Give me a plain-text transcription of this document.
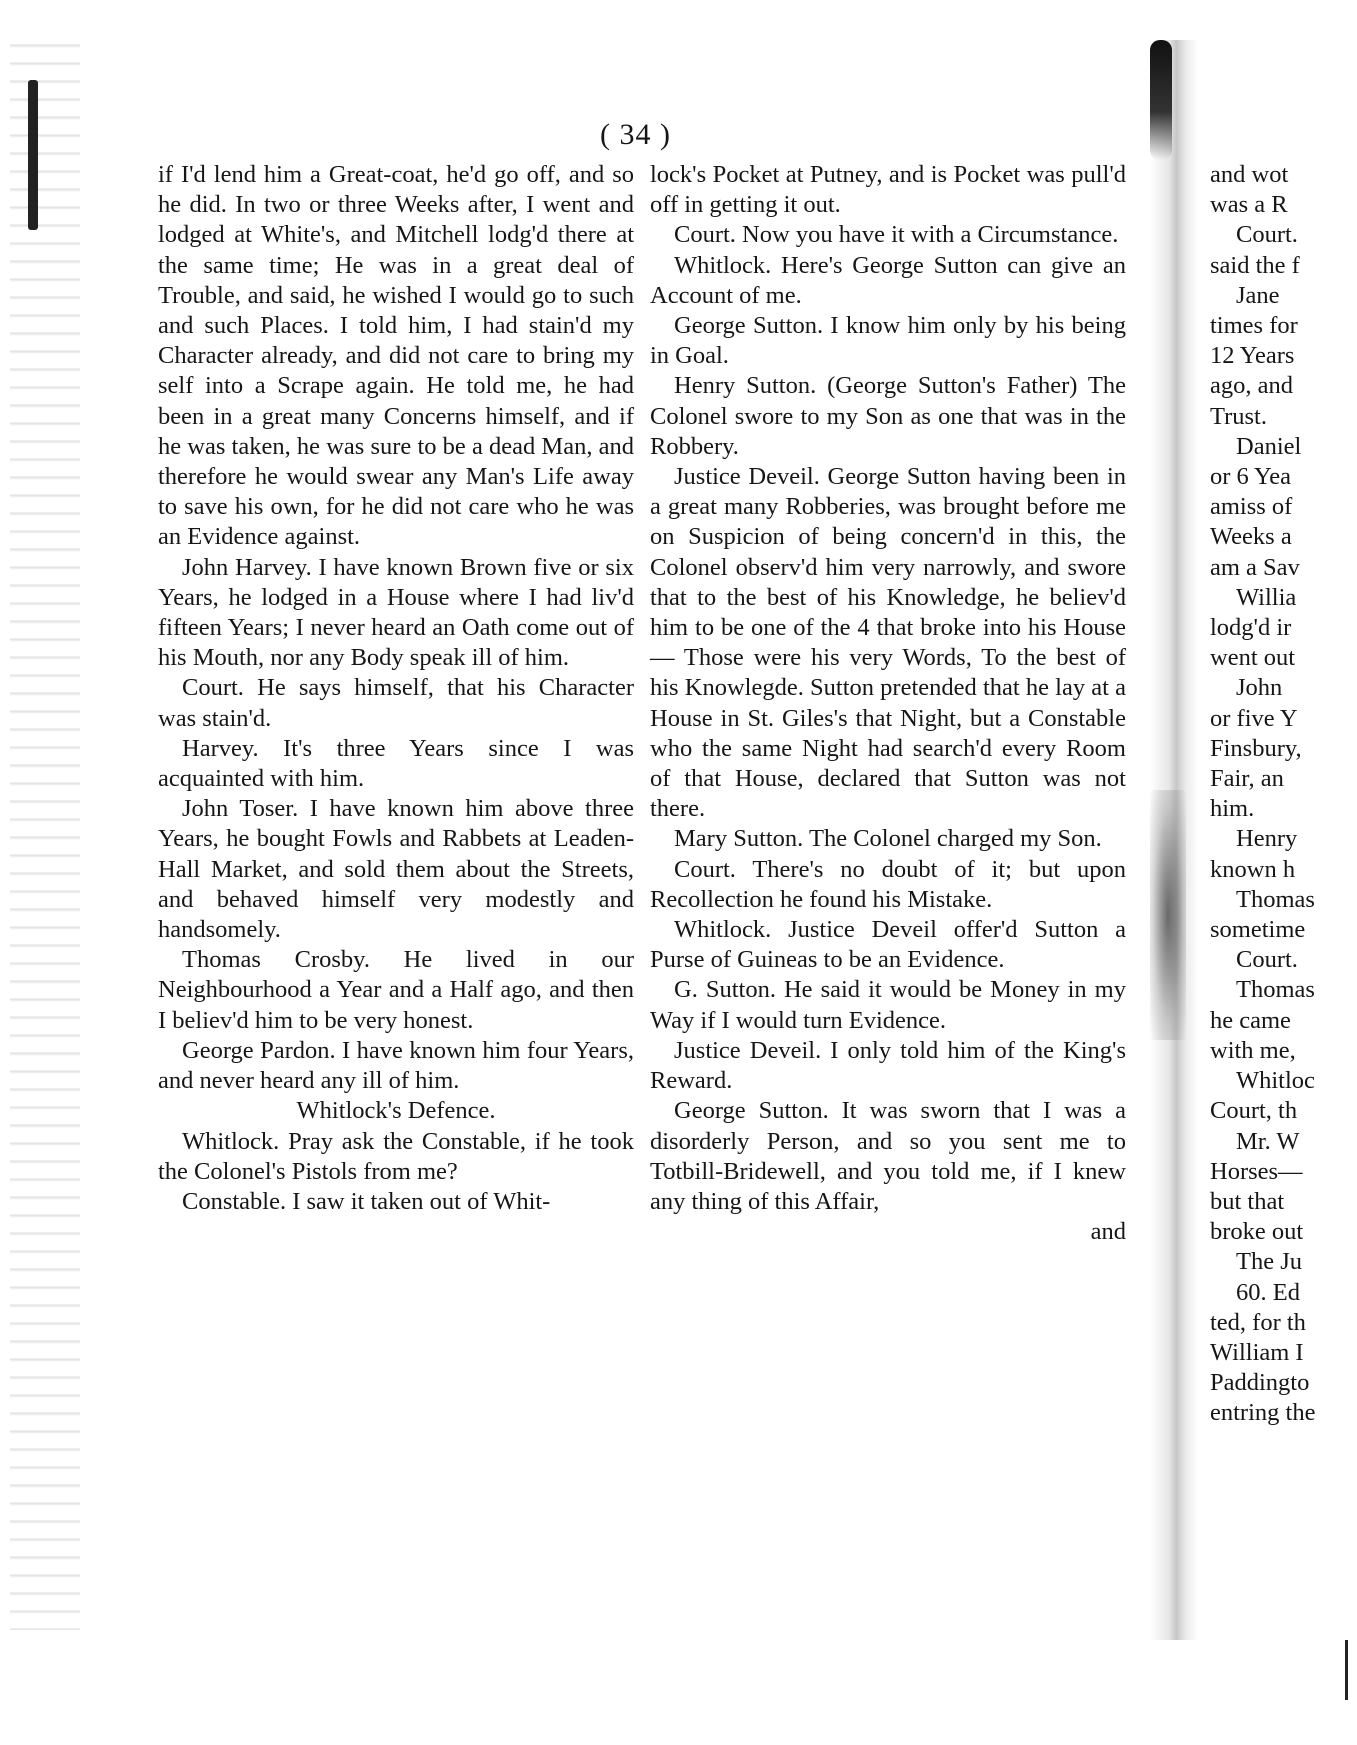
( 34 )

if I'd lend him a Great-coat, he'd go off, and so he did. In two or three Weeks after, I went and lodged at White's, and Mitchell lodg'd there at the same time; He was in a great deal of Trouble, and said, he wished I would go to such and such Places. I told him, I had stain'd my Character already, and did not care to bring my self into a Scrape again. He told me, he had been in a great many Concerns himself, and if he was taken, he was sure to be a dead Man, and therefore he would swear any Man's Life away to save his own, for he did not care who he was an Evidence against.

John Harvey. I have known Brown five or six Years, he lodged in a House where I had liv'd fifteen Years; I never heard an Oath come out of his Mouth, nor any Body speak ill of him.

Court. He says himself, that his Character was stain'd.

Harvey. It's three Years since I was acquainted with him.

John Toser. I have known him above three Years, he bought Fowls and Rabbets at Leaden-Hall Market, and sold them about the Streets, and behaved himself very modestly and handsomely.

Thomas Crosby. He lived in our Neighbourhood a Year and a Half ago, and then I believ'd him to be very honest.

George Pardon. I have known him four Years, and never heard any ill of him.

Whitlock's Defence.

Whitlock. Pray ask the Constable, if he took the Colonel's Pistols from me?

Constable. I saw it taken out of Whit-

lock's Pocket at Putney, and is Pocket was pull'd off in getting it out.

Court. Now you have it with a Circumstance.

Whitlock. Here's George Sutton can give an Account of me.

George Sutton. I know him only by his being in Goal.

Henry Sutton. (George Sutton's Father) The Colonel swore to my Son as one that was in the Robbery.

Justice Deveil. George Sutton having been in a great many Robberies, was brought before me on Suspicion of being concern'd in this, the Colonel observ'd him very narrowly, and swore that to the best of his Knowledge, he believ'd him to be one of the 4 that broke into his House— Those were his very Words, To the best of his Knowlegde. Sutton pretended that he lay at a House in St. Giles's that Night, but a Constable who the same Night had search'd every Room of that House, declared that Sutton was not there.

Mary Sutton. The Colonel charged my Son.

Court. There's no doubt of it; but upon Recollection he found his Mistake.

Whitlock. Justice Deveil offer'd Sutton a Purse of Guineas to be an Evidence.

G. Sutton. He said it would be Money in my Way if I would turn Evidence.

Justice Deveil. I only told him of the King's Reward.

George Sutton. It was sworn that I was a disorderly Person, and so you sent me to Totbill-Bridewell, and you told me, if I knew any thing of this Affair,

and

and wot

was a R

Court.

said the f

Jane

times for

12 Years

ago, and

Trust.

Daniel

or 6 Yea

amiss of

Weeks a

am a Sav

Willia

lodg'd ir

went out

John

or five Y

Finsbury,

Fair, an

him.

Henry

known h

Thomas

sometime

Court.

Thomas

he came

with me,

Whitloc

Court, th

Mr. W

Horses—

but that

broke out

The Ju

60. Ed

ted, for th

William I

Paddingto

entring the
